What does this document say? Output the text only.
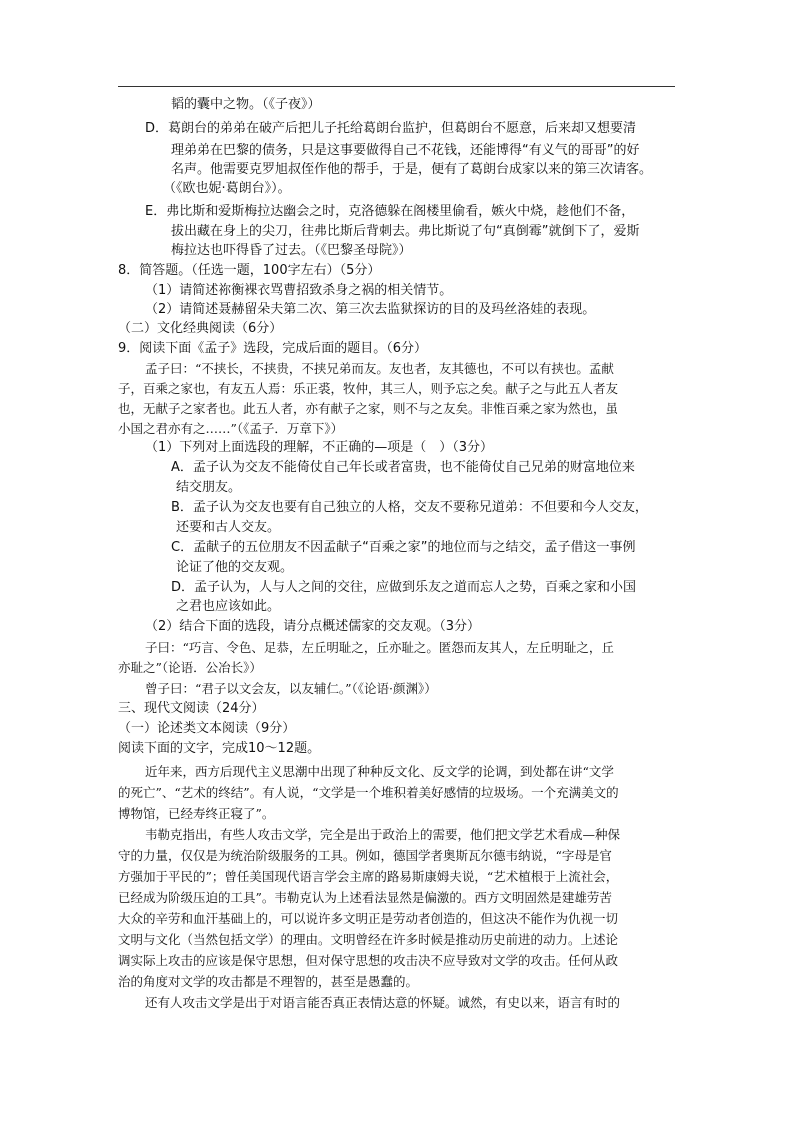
韬的囊中之物。（《子夜》）
D．葛朗台的弟弟在破产后把儿子托给葛朗台监护，但葛朗台不愿意，后来却又想要清
理弟弟在巴黎的债务，只是这事要做得自己不花钱，还能博得“有义气的哥哥”的好
名声。他需要克罗旭叔侄作他的帮手，于是，便有了葛朗台成家以来的第三次请客。
（《欧也妮·葛朗台》）。
E．弗比斯和爱斯梅拉达幽会之时，克洛德躲在阁楼里偷看，嫉火中烧，趁他们不备，
拔出藏在身上的尖刀，往弗比斯后背刺去。弗比斯说了句“真倒霉”就倒下了，爱斯
梅拉达也吓得昏了过去。（《巴黎圣母院》）
8．简答题。（任选一题，100字左右）（5分）
（1）请简述祢衡裸衣骂曹招致杀身之祸的相关情节。
（2）请简述聂赫留朵夫第二次、第三次去监狱探访的目的及玛丝洛娃的表现。
（二）文化经典阅读（6分）
9．阅读下面《孟子》选段，完成后面的题目。（6分）
孟子曰：“不挟长，不挟贵，不挟兄弟而友。友也者，友其德也，不可以有挟也。孟献
子，百乘之家也，有友五人焉：乐正裘，牧仲，其三人，则予忘之矣。献子之与此五人者友
也，无献子之家者也。此五人者，亦有献子之家，则不与之友矣。非惟百乘之家为然也，虽
小国之君亦有之……”（《孟子．万章下》）
（1）下列对上面选段的理解，不正确的—项是（　）（3分）
A．孟子认为交友不能倚仗自己年长或者富贵，也不能倚仗自己兄弟的财富地位来
结交朋友。
B．孟子认为交友也要有自己独立的人格，交友不要称兄道弟：不但要和今人交友，
还要和古人交友。
C．孟献子的五位朋友不因孟献子“百乘之家”的地位而与之结交，孟子借这一事例
论证了他的交友观。
D．孟子认为，人与人之间的交往，应做到乐友之道而忘人之势，百乘之家和小国
之君也应该如此。
（2）结合下面的选段，请分点概述儒家的交友观。（3分）
子曰：“巧言、令色、足恭，左丘明耻之，丘亦耻之。匿怨而友其人，左丘明耻之，丘
亦耻之”（论语．公冶长》）
曾子曰：“君子以文会友，以友辅仁。”（《论语·颜渊》）
三、现代文阅读（24分）
（一）论述类文本阅读（9分）
阅读下面的文字，完成10～12题。
近年来，西方后现代主义思潮中出现了种种反文化、反文学的论调，到处都在讲“文学
的死亡”、“艺术的终结”。有人说，“文学是一个堆积着美好感情的垃圾场。一个充满美文的
博物馆，已经寿终正寝了”。
韦勒克指出，有些人攻击文学，完全是出于政治上的需要，他们把文学艺术看成—种保
守的力量，仅仅是为统治阶级服务的工具。例如，德国学者奥斯瓦尔德韦纳说，“字母是官
方强加于平民的”；曾任美国现代语言学会主席的路易斯康姆夫说，“艺术植根于上流社会，
已经成为阶级压迫的工具”。韦勒克认为上述看法显然是偏激的。西方文明固然是建雄劳苦
大众的辛劳和血汗基础上的，可以说许多文明正是劳动者创造的，但这决不能作为仇视一切
文明与文化（当然包括文学）的理由。文明曾经在许多时候是推动历史前进的动力。上述论
调实际上攻击的应该是保守思想，但对保守思想的攻击决不应导致对文学的攻击。任何从政
治的角度对文学的攻击都是不理智的，甚至是愚蠢的。
还有人攻击文学是出于对语言能否真正表情达意的怀疑。诚然，有史以来，语言有时的
